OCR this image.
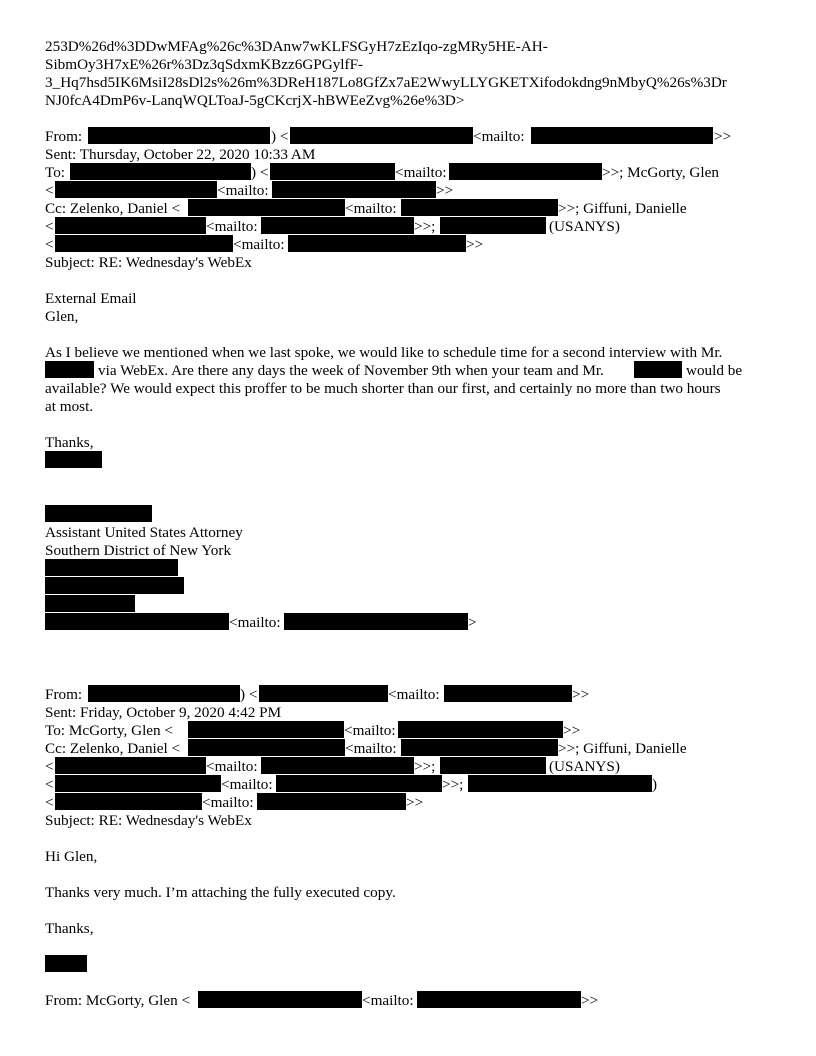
253D%26d%3DDwMFAg%26c%3DAnw7wKLFSGyH7zEzIqo-zgMRy5HE-AH-
SibmOy3H7xE%26r%3Dz3qSdxmKBzz6GPGylfF-
3_Hq7hsd5IK6MsiI28sDl2s%26m%3DReH187Lo8GfZx7aE2WwyLLYGKETXifodokdng9nMbyQ%26s%3Dr
NJ0fcA4DmP6v-LanqWQLToaJ-5gCKcrjX-hBWEeZvg%26e%3D>
From:	) <	<mailto:	>>
Sent: Thursday, October 22, 2020 10:33 AM
To:	) <	<mailto:	>>; McGorty, Glen
<	<mailto:	>>
Cc: Zelenko, Daniel <	<mailto:	>>; Giffuni, Danielle
<	<mailto:	>>;	(USANYS)
<	<mailto:	>>
Subject: RE: Wednesday's WebEx
External Email
Glen,
As I believe we mentioned when we last spoke, we would like to schedule time for a second interview with Mr.
via WebEx. Are there any days the week of November 9th when your team and Mr.	would be
available? We would expect this proffer to be much shorter than our first, and certainly no more than two hours
at most.
Thanks,
Assistant United States Attorney
Southern District of New York
<mailto:	>
From:	) <	<mailto:	>>
Sent: Friday, October 9, 2020 4:42 PM
To: McGorty, Glen <	<mailto:	>>
Cc: Zelenko, Daniel <	<mailto:	>>; Giffuni, Danielle
<	<mailto:	>>;	(USANYS)
<	<mailto:	>>;	)
<	<mailto:	>>
Subject: RE: Wednesday's WebEx
Hi Glen,
Thanks very much. I’m attaching the fully executed copy.
Thanks,
From: McGorty, Glen <	<mailto:	>>
